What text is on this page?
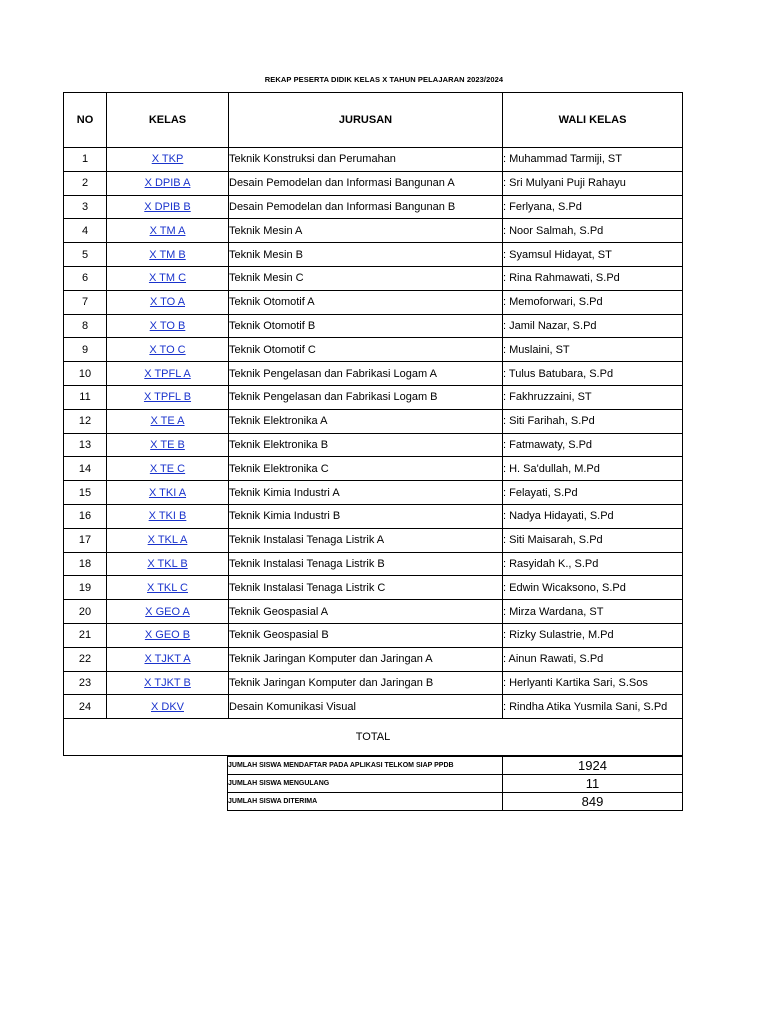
REKAP PESERTA DIDIK KELAS X TAHUN PELAJARAN 2023/2024
NO	KELAS	JURUSAN	WALI KELAS
1	X TKP	Teknik Konstruksi dan Perumahan	: Muhammad Tarmiji, ST
2	X DPIB A	Desain Pemodelan dan Informasi Bangunan A	: Sri Mulyani Puji Rahayu
3	X DPIB B	Desain Pemodelan dan Informasi Bangunan B	: Ferlyana, S.Pd
4	X TM A	Teknik Mesin A	: Noor Salmah, S.Pd
5	X TM B	Teknik Mesin B	: Syamsul Hidayat, ST
6	X TM C	Teknik Mesin C	: Rina Rahmawati, S.Pd
7	X TO A	Teknik Otomotif A	: Memoforwari, S.Pd
8	X TO B	Teknik Otomotif B	: Jamil Nazar, S.Pd
9	X TO C	Teknik Otomotif C	: Muslaini, ST
10	X TPFL A	Teknik Pengelasan dan Fabrikasi Logam A	: Tulus Batubara, S.Pd
11	X TPFL B	Teknik Pengelasan dan Fabrikasi Logam B	: Fakhruzzaini, ST
12	X TE A	Teknik Elektronika A	: Siti Farihah, S.Pd
13	X TE B	Teknik Elektronika B	: Fatmawaty, S.Pd
14	X TE C	Teknik Elektronika C	: H. Sa'dullah, M.Pd
15	X TKI A	Teknik Kimia Industri A	: Felayati, S.Pd
16	X TKI B	Teknik Kimia Industri B	: Nadya Hidayati, S.Pd
17	X TKL A	Teknik Instalasi Tenaga Listrik A	: Siti Maisarah, S.Pd
18	X TKL B	Teknik Instalasi Tenaga Listrik B	: Rasyidah K., S.Pd
19	X TKL C	Teknik Instalasi Tenaga Listrik C	: Edwin Wicaksono, S.Pd
20	X GEO A	Teknik Geospasial A	: Mirza Wardana, ST
21	X GEO B	Teknik Geospasial B	: Rizky Sulastrie, M.Pd
22	X TJKT A	Teknik Jaringan Komputer dan Jaringan A	: Ainun Rawati, S.Pd
23	X TJKT B	Teknik Jaringan Komputer dan Jaringan B	: Herlyanti Kartika Sari, S.Sos
24	X DKV	Desain Komunikasi Visual	: Rindha Atika Yusmila Sani, S.Pd
TOTAL			
JUMLAH SISWA MENDAFTAR PADA APLIKASI TELKOM SIAP PPDB	1924
JUMLAH SISWA MENGULANG	11
JUMLAH SISWA DITERIMA	849
